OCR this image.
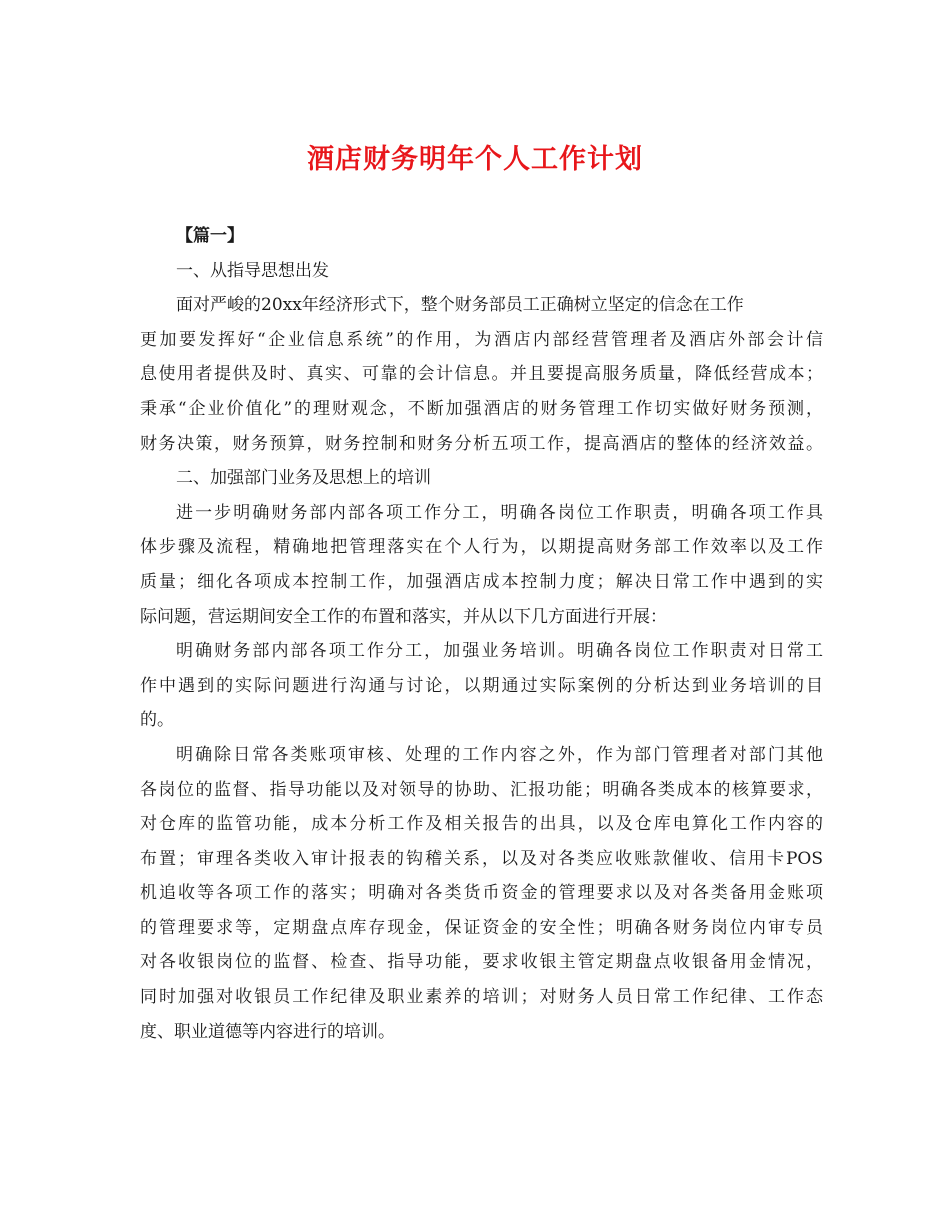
酒店财务明年个人工作计划
【篇一】
一、从指导思想出发
面对严峻的20xx年经济形式下，整个财务部员工正确树立坚定的信念在工作
更加要发挥好“企业信息系统”的作用，为酒店内部经营管理者及酒店外部会计信
息使用者提供及时、真实、可靠的会计信息。并且要提高服务质量，降低经营成本；
秉承“企业价值化”的理财观念，不断加强酒店的财务管理工作切实做好财务预测，
财务决策，财务预算，财务控制和财务分析五项工作，提高酒店的整体的经济效益。
二、加强部门业务及思想上的培训
进一步明确财务部内部各项工作分工，明确各岗位工作职责，明确各项工作具
体步骤及流程，精确地把管理落实在个人行为，以期提高财务部工作效率以及工作
质量；细化各项成本控制工作，加强酒店成本控制力度；解决日常工作中遇到的实
际问题，营运期间安全工作的布置和落实，并从以下几方面进行开展：
明确财务部内部各项工作分工，加强业务培训。明确各岗位工作职责对日常工
作中遇到的实际问题进行沟通与讨论，以期通过实际案例的分析达到业务培训的目
的。
明确除日常各类账项审核、处理的工作内容之外，作为部门管理者对部门其他
各岗位的监督、指导功能以及对领导的协助、汇报功能；明确各类成本的核算要求，
对仓库的监管功能，成本分析工作及相关报告的出具，以及仓库电算化工作内容的
布置；审理各类收入审计报表的钩稽关系，以及对各类应收账款催收、信用卡POS
机追收等各项工作的落实；明确对各类货币资金的管理要求以及对各类备用金账项
的管理要求等，定期盘点库存现金，保证资金的安全性；明确各财务岗位内审专员
对各收银岗位的监督、检查、指导功能，要求收银主管定期盘点收银备用金情况，
同时加强对收银员工作纪律及职业素养的培训；对财务人员日常工作纪律、工作态
度、职业道德等内容进行的培训。
